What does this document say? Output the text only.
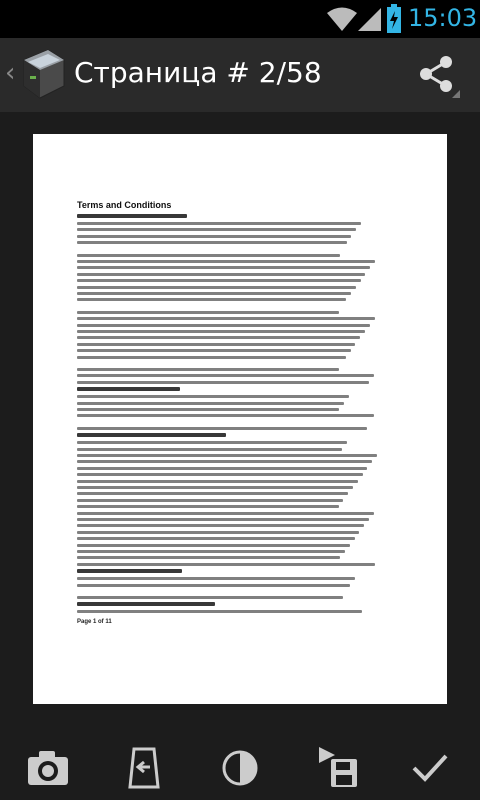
15:03
‹ Страница # 2/58
Terms and Conditions
Page 1 of 11
